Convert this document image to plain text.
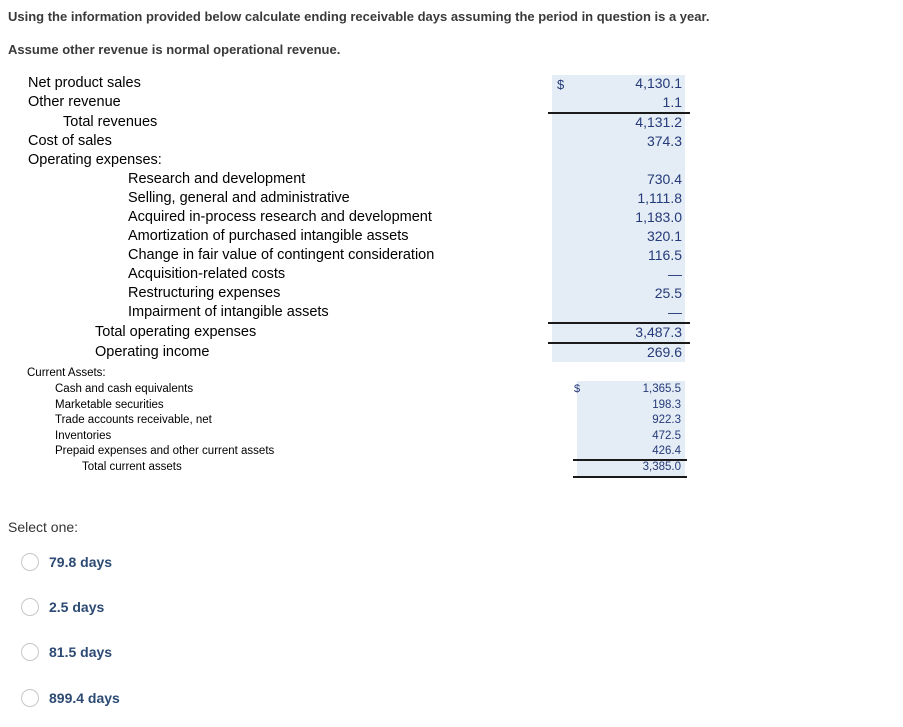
Using the information provided below calculate ending receivable days assuming the period in question is a year.
Assume other revenue is normal operational revenue.
$
Net product sales	4,130.1
Other revenue	1.1
Total revenues	4,131.2
Cost of sales	374.3
Operating expenses:
Research and development	730.4
Selling, general and administrative	1,111.8
Acquired in-process research and development	1,183.0
Amortization of purchased intangible assets	320.1
Change in fair value of contingent consideration	116.5
Acquisition-related costs	—
Restructuring expenses	25.5
Impairment of intangible assets	—
Total operating expenses	3,487.3
Operating income	269.6
Current Assets:
$
Cash and cash equivalents	1,365.5
Marketable securities	198.3
Trade accounts receivable, net	922.3
Inventories	472.5
Prepaid expenses and other current assets	426.4
Total current assets	3,385.0
Select one:
79.8 days
2.5 days
81.5 days
899.4 days
